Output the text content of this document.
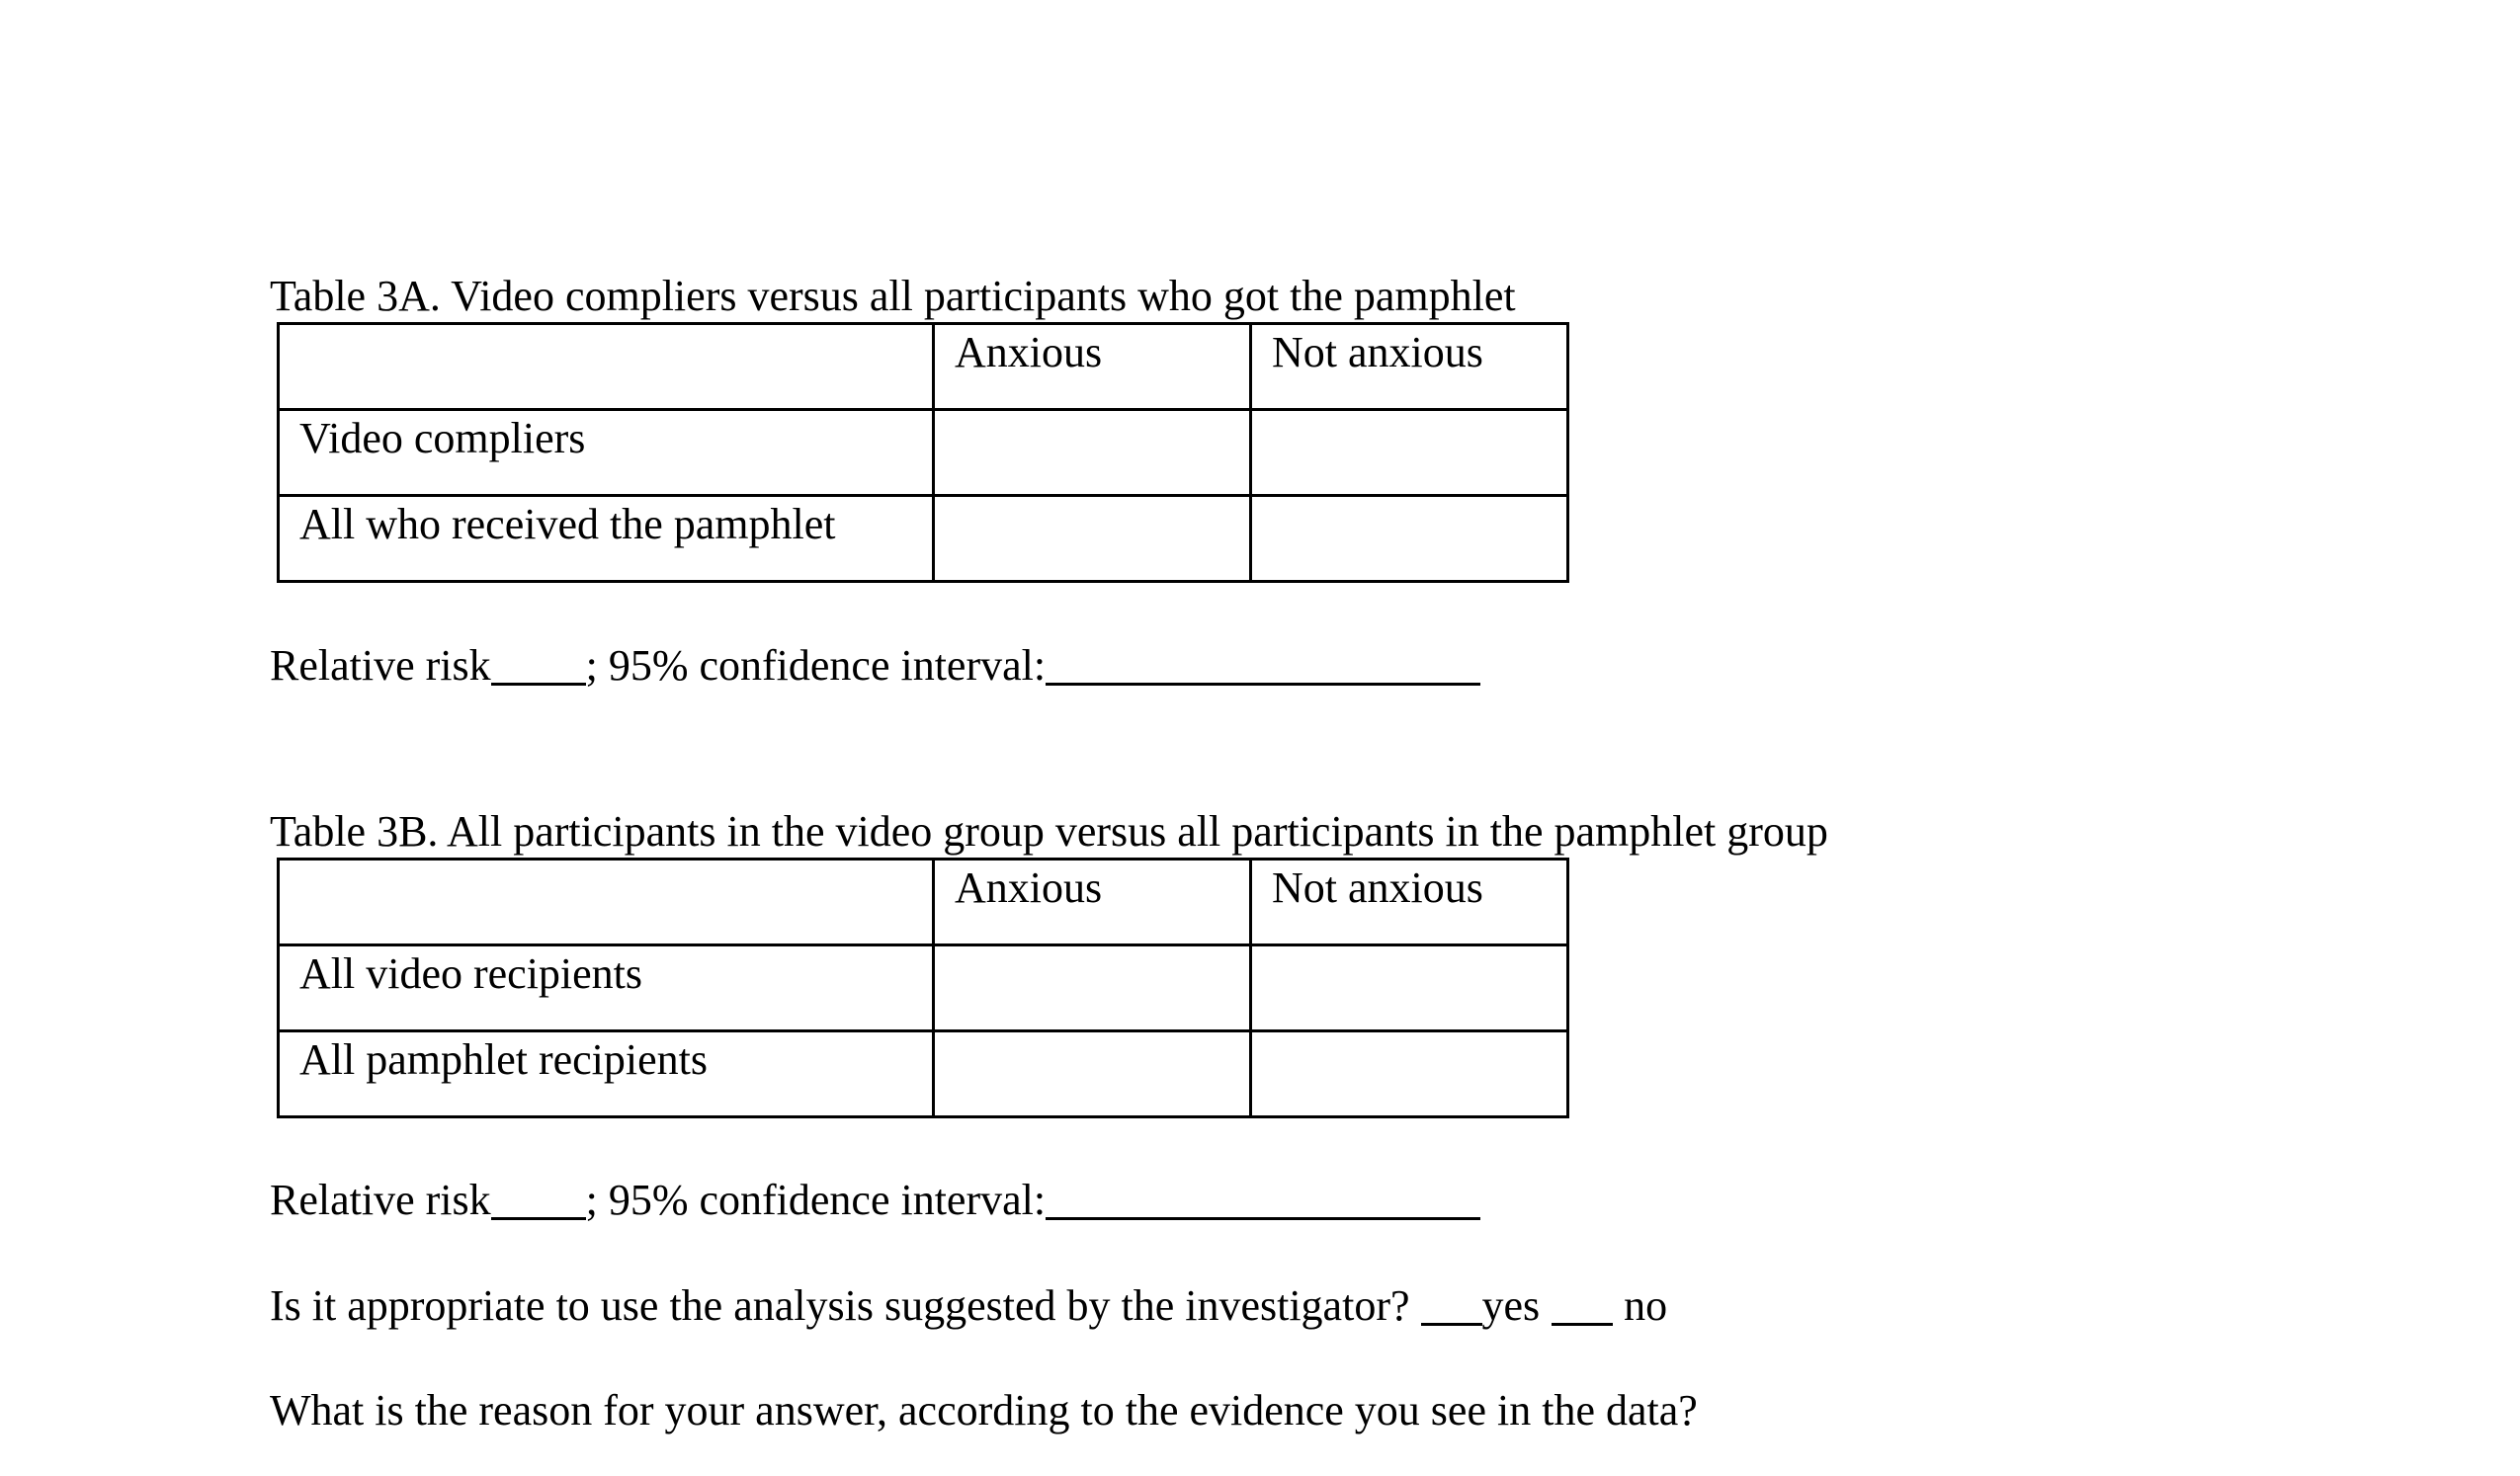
Table 3A. Video compliers versus all participants who got the pamphlet

	Anxious	Not anxious

Video compliers		

All who received the pamphlet		

Relative risk ; 95% confidence interval:
Table 3B. All participants in the video group versus all participants in the pamphlet group

	Anxious	Not anxious

All video recipients		

All pamphlet recipients		

Relative risk ; 95% confidence interval:
Is it appropriate to use the analysis suggested by the investigator? yes no
What is the reason for your answer, according to the evidence you see in the data?
